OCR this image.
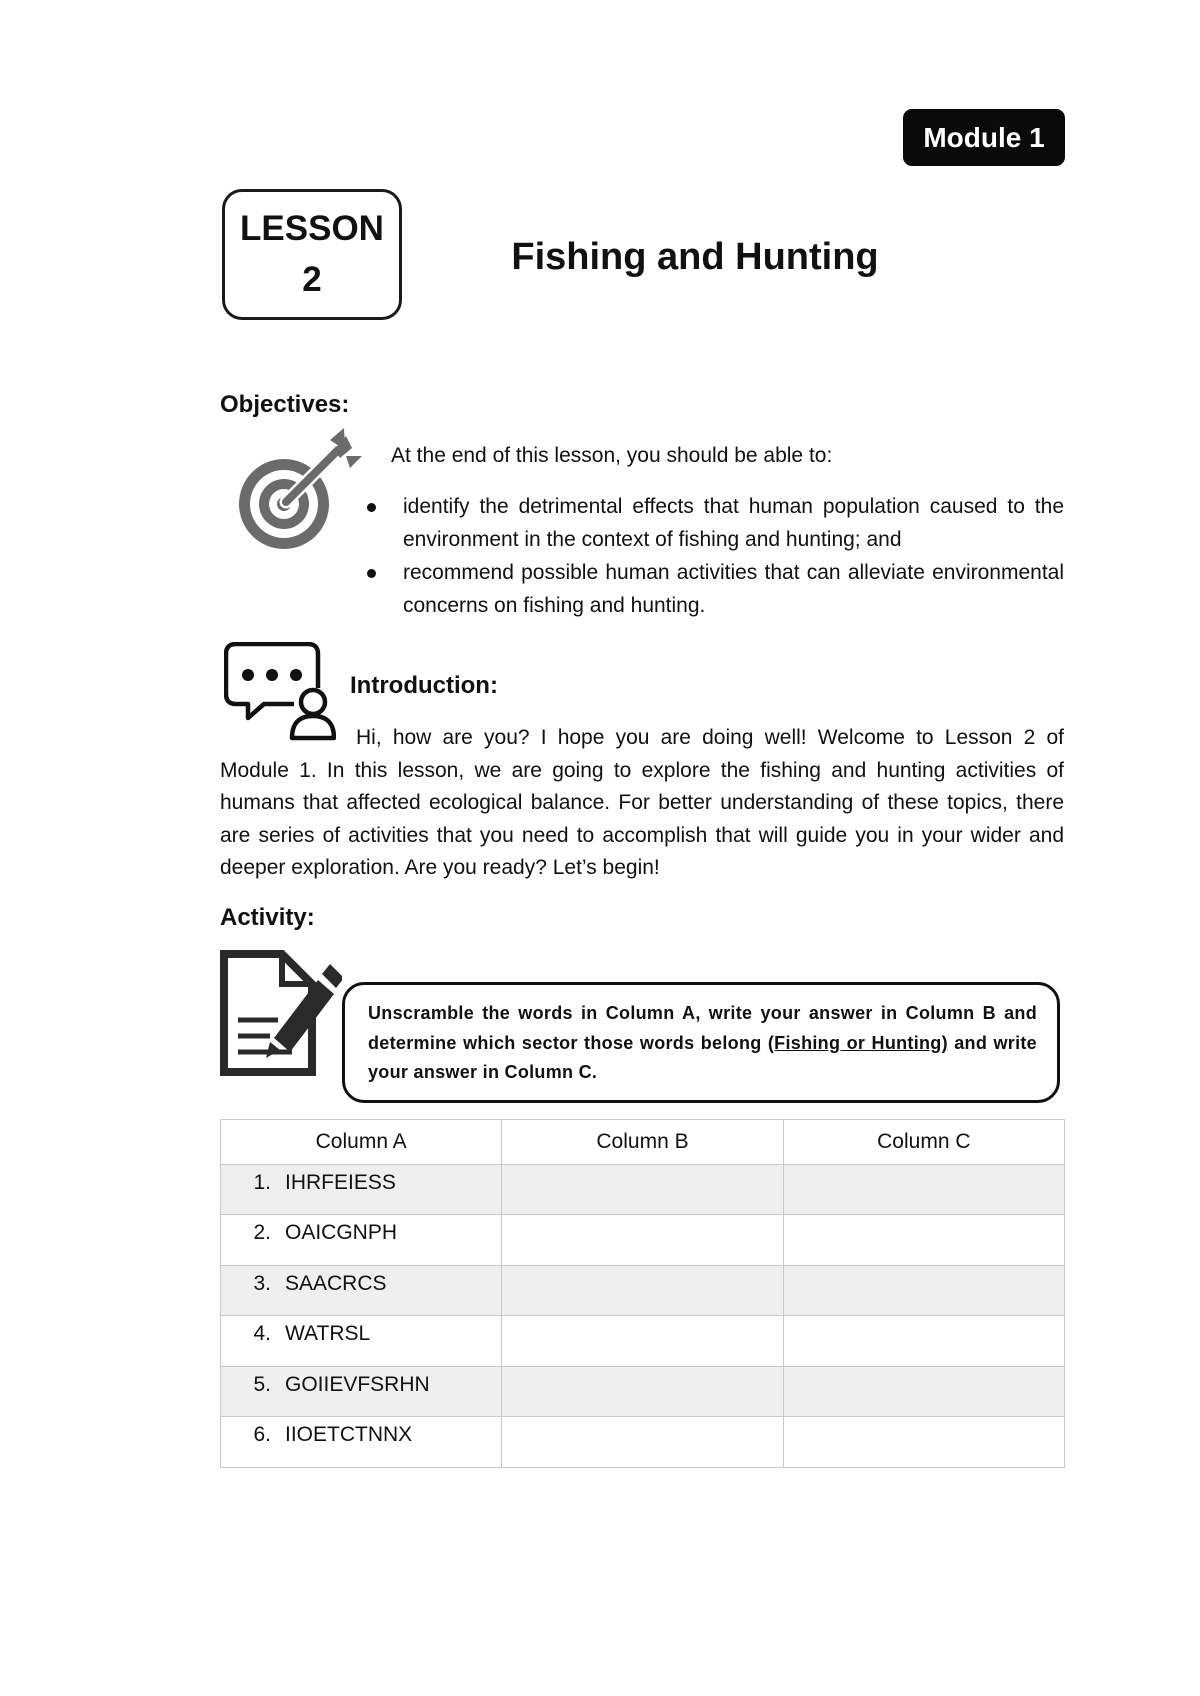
Module 1
LESSON
2
Fishing and Hunting
Objectives:
At the end of this lesson, you should be able to:
identify the detrimental effects that human population caused to the environment in the context of fishing and hunting; and
recommend possible human activities that can alleviate environmental concerns on fishing and hunting.
Introduction:
Hi, how are you? I hope you are doing well! Welcome to Lesson 2 of Module 1. In this lesson, we are going to explore the fishing and hunting activities of humans that affected ecological balance. For better understanding of these topics, there are series of activities that you need to accomplish that will guide you in your wider and deeper exploration. Are you ready? Let’s begin!
Activity:
Unscramble the words in Column A, write your answer in Column B and determine which sector those words belong (Fishing or Hunting) and write your answer in Column C.
Column A	Column B	Column C
1. IHRFEIESS		
2. OAICGNPH		
3. SAACRCS		
4. WATRSL		
5. GOIIEVFSRHN		
6. IIOETCTNNX		
